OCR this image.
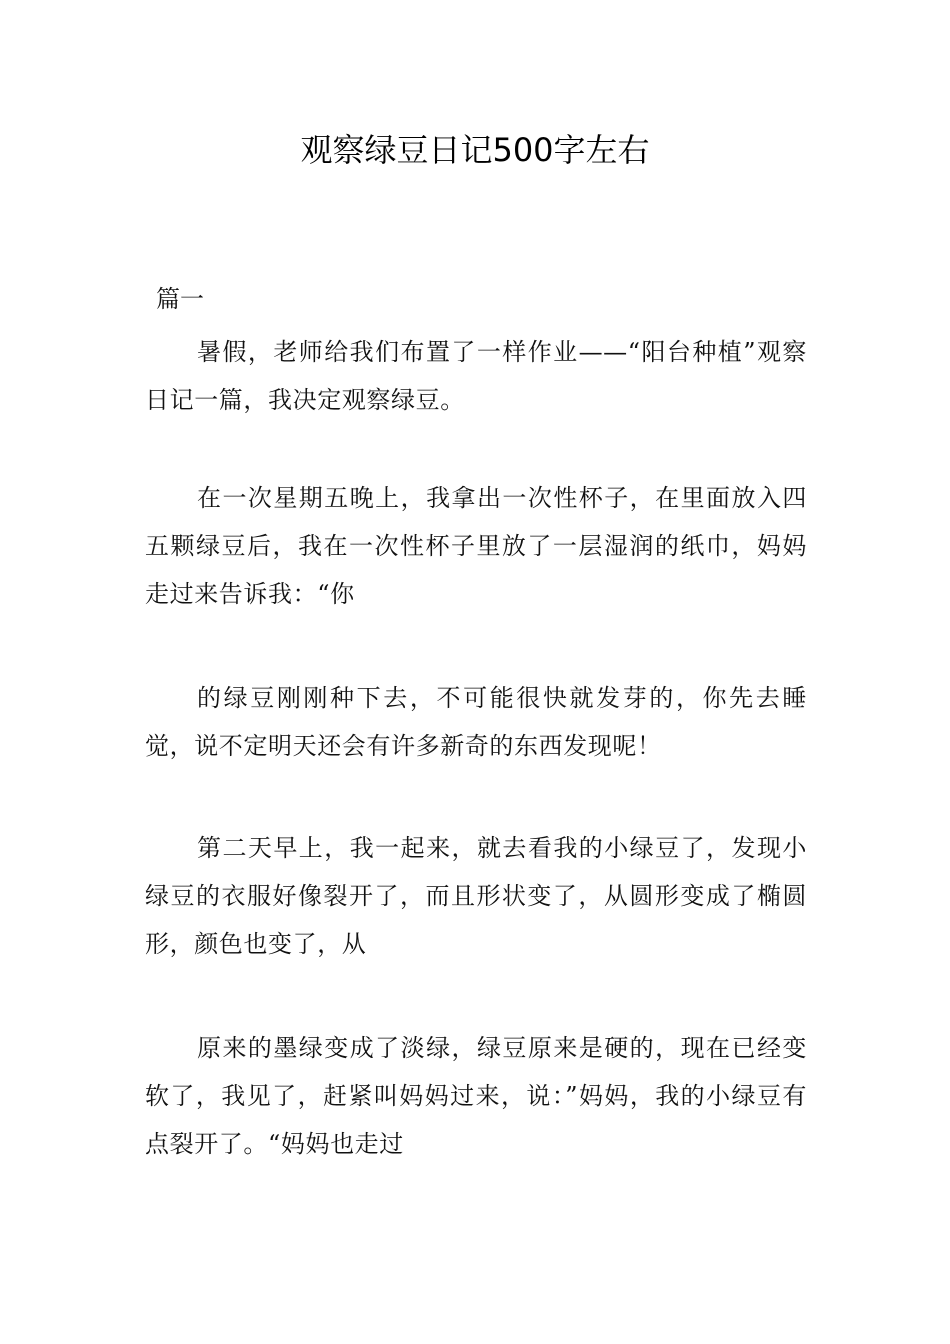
观察绿豆日记500字左右
篇一

暑假，老师给我们布置了一样作业——“阳台种植”观察日记一篇，我决定观察绿豆。

在一次星期五晚上，我拿出一次性杯子，在里面放入四五颗绿豆后，我在一次性杯子里放了一层湿润的纸巾，妈妈走过来告诉我：“你

的绿豆刚刚种下去，不可能很快就发芽的，你先去睡觉，说不定明天还会有许多新奇的东西发现呢！

第二天早上，我一起来，就去看我的小绿豆了，发现小绿豆的衣服好像裂开了，而且形状变了，从圆形变成了椭圆形，颜色也变了，从

原来的墨绿变成了淡绿，绿豆原来是硬的，现在已经变软了，我见了，赶紧叫妈妈过来，说：”妈妈，我的小绿豆有点裂开了。“妈妈也走过
